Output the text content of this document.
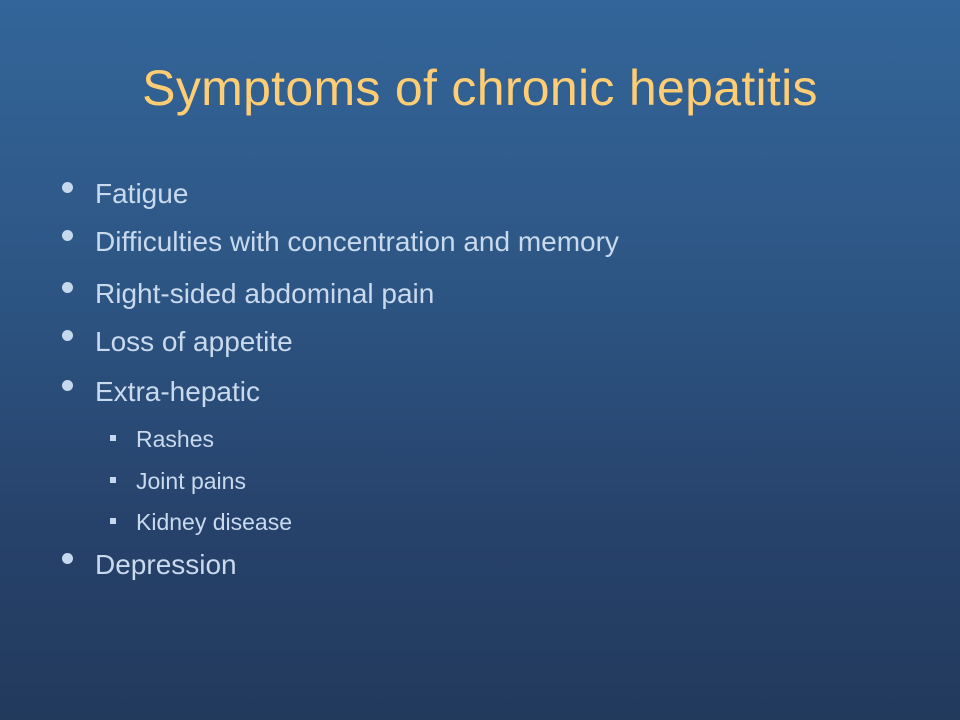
Symptoms of chronic hepatitis
Fatigue
Difficulties with concentration and memory
Right-sided abdominal pain
Loss of appetite
Extra-hepatic
Rashes
Joint pains
Kidney disease
Depression
